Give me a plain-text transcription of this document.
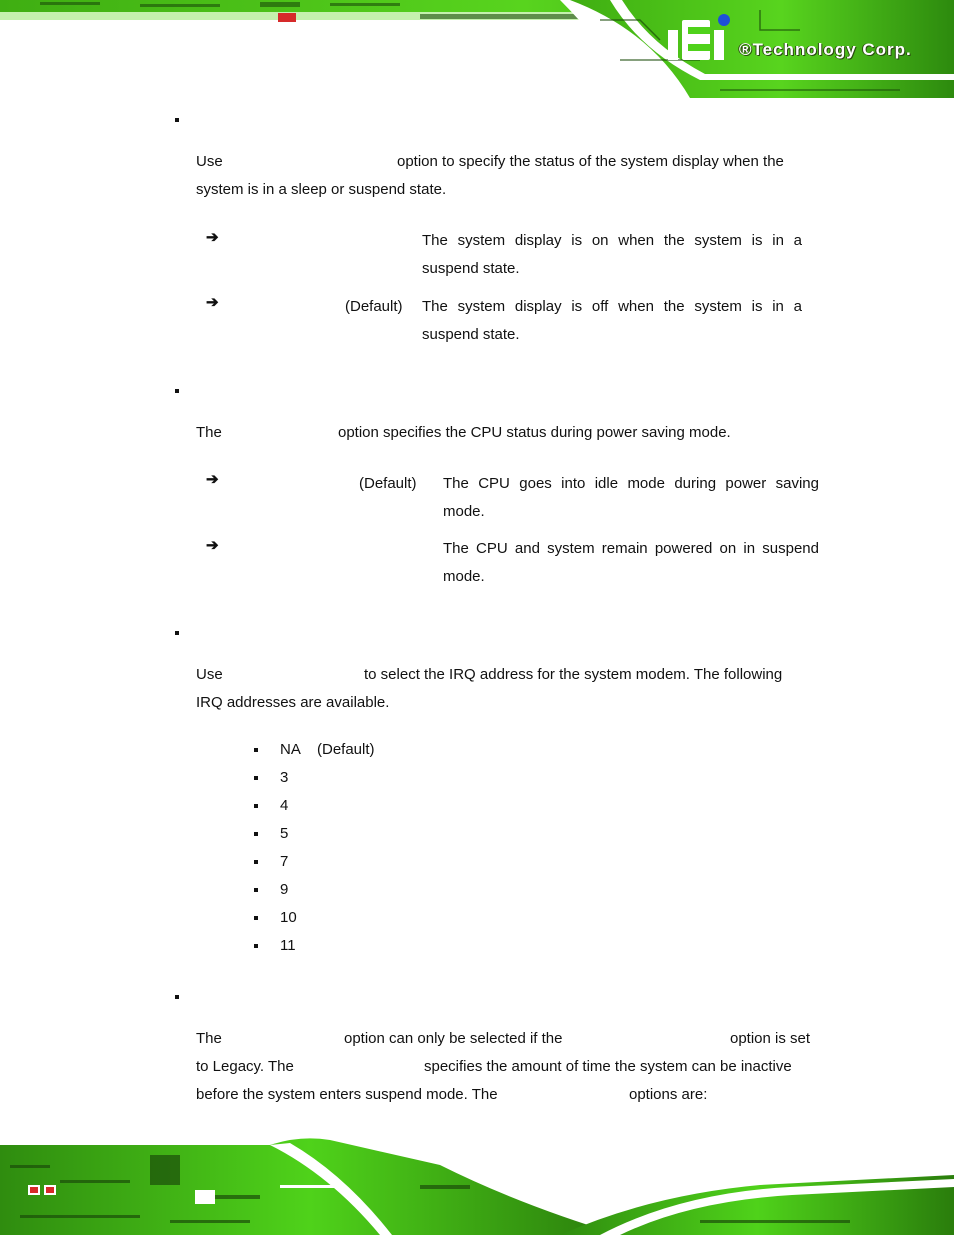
®Technology Corp.
Use	option to specify the status of the system display when the
system is in a sleep or suspend state.
➔	The system display is on when the system is in a
suspend state.
➔	(Default) The system display is off when the system is in a
suspend state.
The	option specifies the CPU status during power saving mode.
➔	(Default) The CPU goes into idle mode during power saving
mode.
➔	The CPU and system remain powered on in suspend
mode.
Use	to select the IRQ address for the system modem. The following
IRQ addresses are available.
NA (Default)
3
4
5
7
9
10
11
The	option can only be selected if the	option is set
to Legacy. The	specifies the amount of time the system can be inactive
before the system enters suspend mode. The	options are:
